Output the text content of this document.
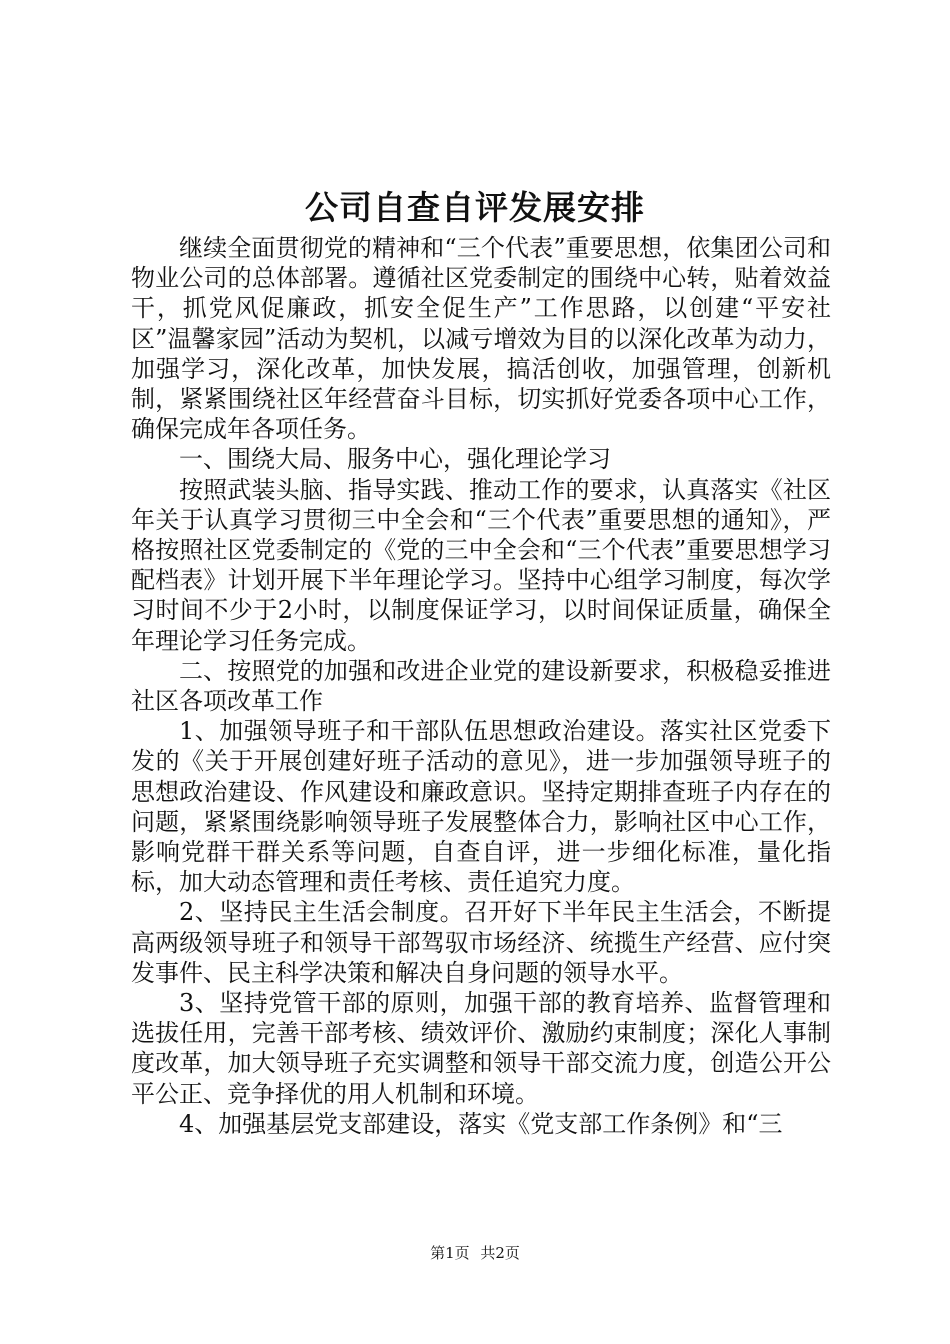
公司自查自评发展安排

继续全面贯彻党的精神和“三个代表”重要思想，依集团公司和物业公司的总体部署。遵循社区党委制定的围绕中心转，贴着效益干，抓党风促廉政，抓安全促生产”工作思路，以创建“平安社区”温馨家园”活动为契机，以减亏增效为目的以深化改革为动力，加强学习，深化改革，加快发展，搞活创收，加强管理，创新机制，紧紧围绕社区年经营奋斗目标，切实抓好党委各项中心工作，确保完成年各项任务。

一、围绕大局、服务中心，强化理论学习

按照武装头脑、指导实践、推动工作的要求，认真落实《社区年关于认真学习贯彻三中全会和“三个代表”重要思想的通知》，严格按照社区党委制定的《党的三中全会和“三个代表”重要思想学习配档表》计划开展下半年理论学习。坚持中心组学习制度，每次学习时间不少于2小时，以制度保证学习，以时间保证质量，确保全年理论学习任务完成。

二、按照党的加强和改进企业党的建设新要求，积极稳妥推进社区各项改革工作

1、加强领导班子和干部队伍思想政治建设。落实社区党委下发的《关于开展创建好班子活动的意见》，进一步加强领导班子的思想政治建设、作风建设和廉政意识。坚持定期排查班子内存在的问题，紧紧围绕影响领导班子发展整体合力，影响社区中心工作，影响党群干群关系等问题，自查自评，进一步细化标准，量化指标，加大动态管理和责任考核、责任追究力度。

2、坚持民主生活会制度。召开好下半年民主生活会，不断提高两级领导班子和领导干部驾驭市场经济、统揽生产经营、应付突发事件、民主科学决策和解决自身问题的领导水平。

3、坚持党管干部的原则，加强干部的教育培养、监督管理和选拔任用，完善干部考核、绩效评价、激励约束制度；深化人事制度改革，加大领导班子充实调整和领导干部交流力度，创造公开公平公正、竞争择优的用人机制和环境。

4、加强基层党支部建设，落实《党支部工作条例》和“三

第1页 共2页
